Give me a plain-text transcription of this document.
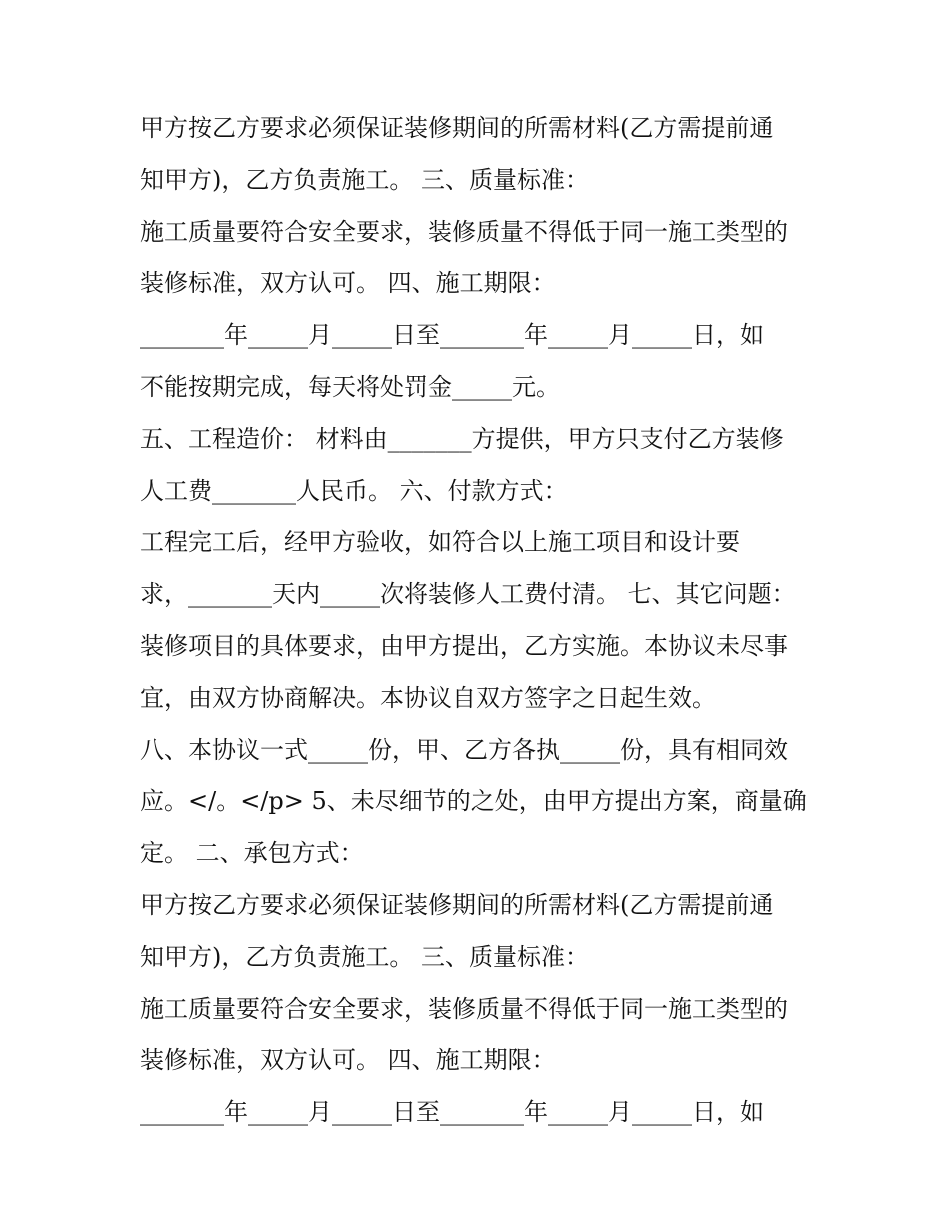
甲方按乙方要求必须保证装修期间的所需材料(乙方需提前通
知甲方)，乙方负责施工。 三、质量标准：
施工质量要符合安全要求，装修质量不得低于同一施工类型的
装修标准，双方认可。 四、施工期限：
_______年_____月_____日至_______年_____月_____日，如
不能按期完成，每天将处罚金_____元。
五、工程造价： 材料由_______方提供，甲方只支付乙方装修
人工费_______人民币。 六、付款方式：
工程完工后，经甲方验收，如符合以上施工项目和设计要
求，_______天内_____次将装修人工费付清。 七、其它问题：
装修项目的具体要求，由甲方提出，乙方实施。本协议未尽事
宜，由双方协商解决。本协议自双方签字之日起生效。
八、本协议一式_____份，甲、乙方各执_____份，具有相同效
应。</。</p> 5、未尽细节的之处，由甲方提出方案，商量确
定。 二、承包方式：
甲方按乙方要求必须保证装修期间的所需材料(乙方需提前通
知甲方)，乙方负责施工。 三、质量标准：
施工质量要符合安全要求，装修质量不得低于同一施工类型的
装修标准，双方认可。 四、施工期限：
_______年_____月_____日至_______年_____月_____日，如
